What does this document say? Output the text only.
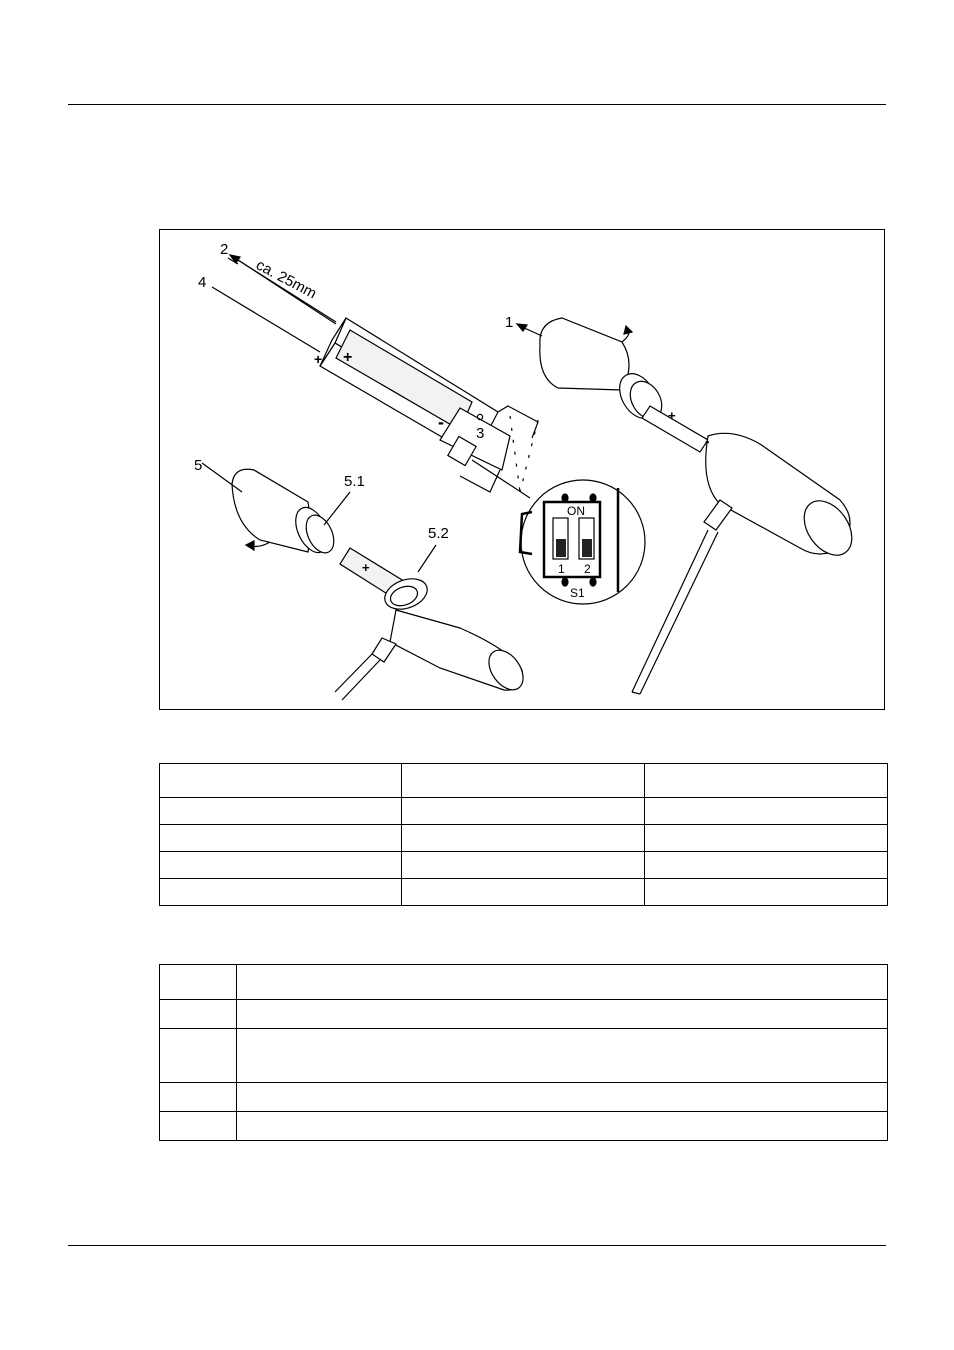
2
4	ca. 25mm
1
3
5
5.1
5.2
ON
1 2
S1
+
+
-	+
-
+
